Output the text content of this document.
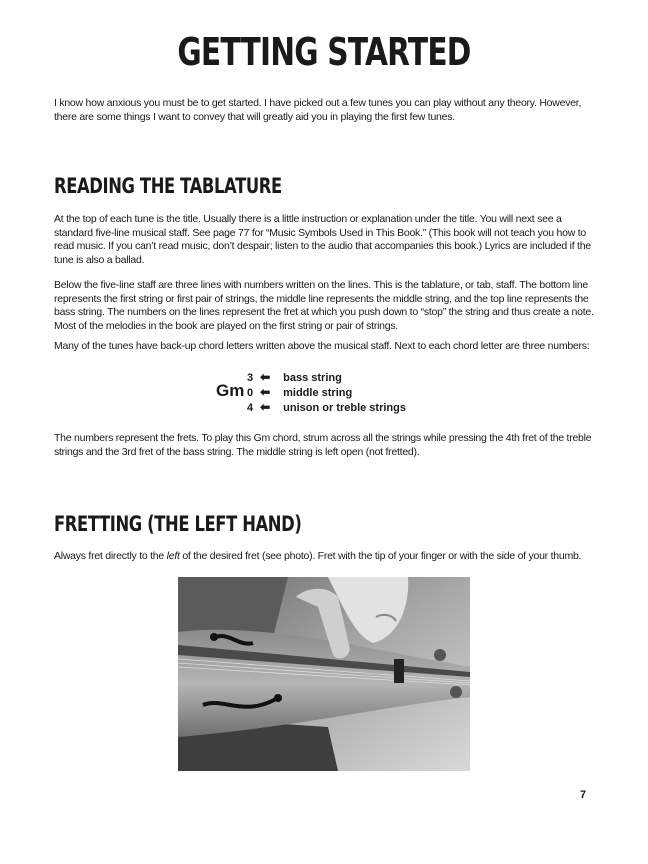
GETTING STARTED

I know how anxious you must be to get started. I have picked out a few tunes you can play without any theory. However, there are some things I want to convey that will greatly aid you in playing the first few tunes.

READING THE TABLATURE

At the top of each tune is the title. Usually there is a little instruction or explanation under the title. You will next see a standard five-line musical staff. See page 77 for “Music Symbols Used in This Book.” (This book will not teach you how to read music. If you can’t read music, don’t despair; listen to the audio that accompanies this book.) Lyrics are included if the tune is also a ballad.

Below the five-line staff are three lines with numbers written on the lines. This is the tablature, or tab, staff. The bottom line represents the first string or first pair of strings, the middle line represents the middle string, and the top line represents the bass string. The numbers on the lines represent the fret at which you push down to “stop” the string and thus create a note. Most of the melodies in the book are played on the first string or pair of strings.

Many of the tunes have back-up chord letters written above the musical staff. Next to each chord letter are three numbers:

Gm
3 ⬅ bass string
0 ⬅ middle string
4 ⬅ unison or treble strings

The numbers represent the frets. To play this Gm chord, strum across all the strings while pressing the 4th fret of the treble strings and the 3rd fret of the bass string. The middle string is left open (not fretted).

FRETTING (THE LEFT HAND)

Always fret directly to the left of the desired fret (see photo). Fret with the tip of your finger or with the side of your thumb.

7
